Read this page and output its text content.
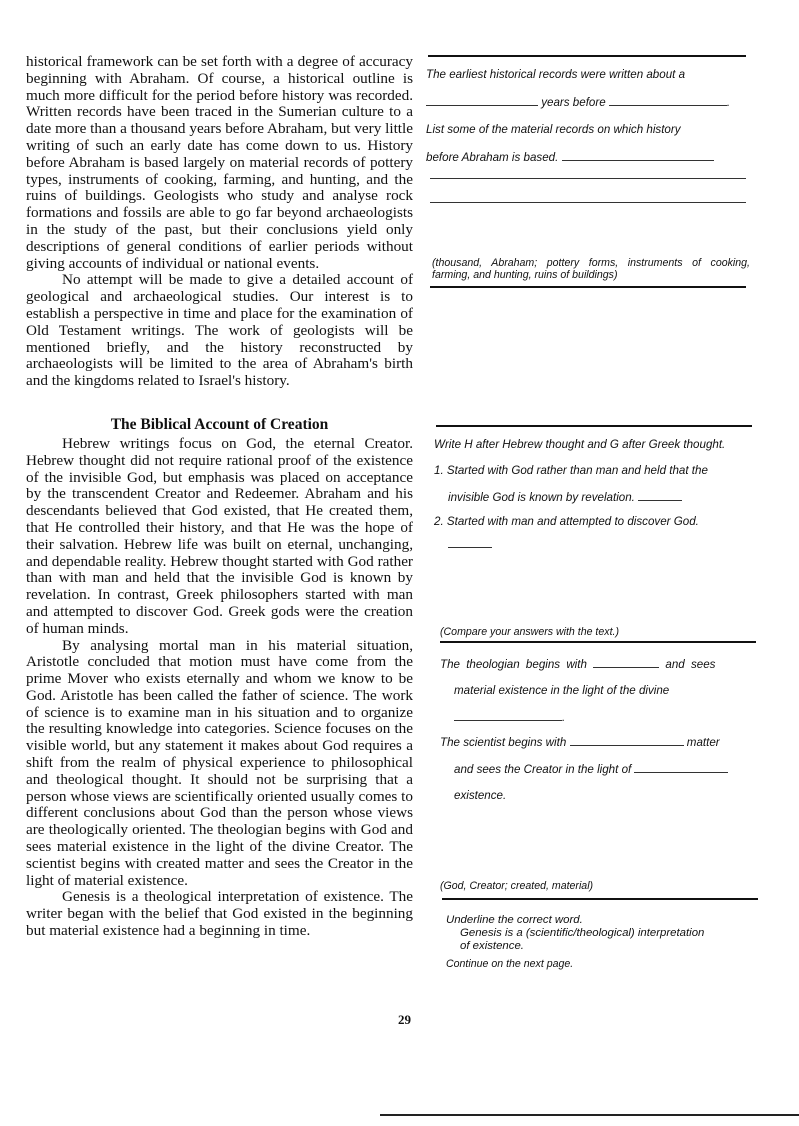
historical framework can be set forth with a degree of accuracy beginning with Abraham. Of course, a historical outline is much more difficult for the period before history was recorded. Written records have been traced in the Sumerian culture to a date more than a thousand years before Abraham, but very little writing of such an early date has come down to us. History before Abraham is based largely on material records of pottery types, instruments of cooking, farming, and hunting, and the ruins of buildings. Geologists who study and analyse rock formations and fossils are able to go far beyond archaeologists in the study of the past, but their conclusions yield only descriptions of general conditions of earlier periods without giving accounts of individual or national events.

No attempt will be made to give a detailed account of geological and archaeological studies. Our interest is to establish a perspective in time and place for the examination of Old Testament writings. The work of geologists will be mentioned briefly, and the history reconstructed by archaeologists will be limited to the area of Abraham's birth and the kingdoms related to Israel's history.

The Biblical Account of Creation

Hebrew writings focus on God, the eternal Creator. Hebrew thought did not require rational proof of the existence of the invisible God, but emphasis was placed on acceptance by the transcendent Creator and Redeemer. Abraham and his descendants believed that God existed, that He created them, that He controlled their history, and that He was the hope of their salvation. Hebrew life was built on eternal, unchanging, and dependable reality. Hebrew thought started with God rather than with man and held that the invisible God is known by revelation. In contrast, Greek philosophers started with man and attempted to discover God. Greek gods were the creation of human minds.

By analysing mortal man in his material situation, Aristotle concluded that motion must have come from the prime Mover who exists eternally and whom we know to be God. Aristotle has been called the father of science. The work of science is to examine man in his situation and to organize the resulting knowledge into categories. Science focuses on the visible world, but any statement it makes about God requires a shift from the realm of physical experience to philosophical and theological thought. It should not be surprising that a person whose views are scientifically oriented usually comes to different conclusions about God than the person whose views are theologically oriented. The theologian begins with God and sees material existence in the light of the divine Creator. The scientist begins with created matter and sees the Creator in the light of material existence.

Genesis is a theological interpretation of existence. The writer began with the belief that God existed in the beginning but material existence had a beginning in time.

The earliest historical records were written about a

years before	.

List some of the material records on which history

before Abraham is based.

(thousand, Abraham; pottery forms, instruments of cooking, farming, and hunting, ruins of buildings)

Write H after Hebrew thought and G after Greek thought.

1. Started with God rather than man and held that the

invisible God is known by revelation.

2. Started with man and attempted to discover God.

(Compare your answers with the text.)

The theologian begins with	and sees

material existence in the light of the divine

.

The scientist begins with	matter

and sees the Creator in the light of

existence.

(God, Creator; created, material)

Underline the correct word.

Genesis is a (scientific/theological) interpretation

of existence.

Continue on the next page.

29
